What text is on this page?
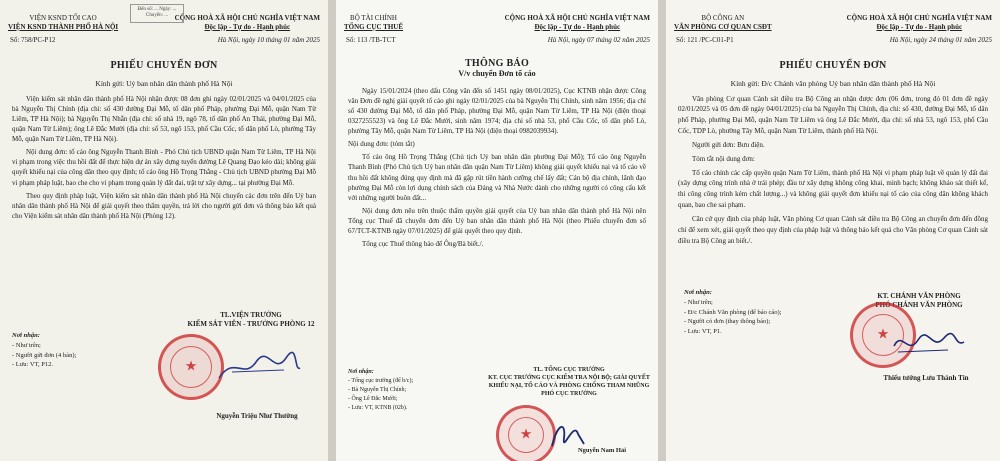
Đến số: ... Ngày: ... Chuyển: ...
VIỆN KSND TỐI CAO
VIỆN KSND THÀNH PHỐ HÀ NỘI
CỘNG HOÀ XÃ HỘI CHỦ NGHĨA VIỆT NAM
Độc lập - Tự do - Hạnh phúc
Số: 758/PC-P12	Hà Nội, ngày 10 tháng 01 năm 2025
PHIẾU CHUYỂN ĐƠN
Kính gửi: Uỷ ban nhân dân thành phố Hà Nội

Viện kiểm sát nhân dân thành phố Hà Nội nhận được 08 đơn ghi ngày 02/01/2025 và 04/01/2025 của bà Nguyễn Thị Chính (địa chỉ: số 430 đường Đại Mỗ, tổ dân phố Pháp, phường Đại Mỗ, quận Nam Từ Liêm, TP Hà Nội); bà Nguyễn Thị Nhẫn (địa chỉ: số nhà 19, ngõ 78, tổ dân phố An Thái, phường Đại Mỗ, quận Nam Từ Liêm); ông Lê Đắc Mười (địa chỉ: số 53, ngõ 153, phố Cầu Cốc, tổ dân phố Lò, phường Tây Mỗ, quận Nam Từ Liêm, TP Hà Nội).

Nội dung đơn: tố cáo ông Nguyễn Thanh Bình - Phó Chủ tịch UBND quận Nam Từ Liêm, TP Hà Nội vi phạm trong việc thu hồi đất để thực hiện dự án xây dựng tuyến đường Lê Quang Đạo kéo dài; không giải quyết khiếu nại của công dân theo quy định; tố cáo ông Hồ Trọng Thắng - Chủ tịch UBND phường Đại Mỗ vi phạm pháp luật, bao che cho vi phạm trong quản lý đất đai, trật tự xây dựng... tại phường Đại Mỗ.

Theo quy định pháp luật, Viện kiểm sát nhân dân thành phố Hà Nội chuyển các đơn trên đến Uỷ ban nhân dân thành phố Hà Nội để giải quyết theo thẩm quyền, trả lời cho người gửi đơn và thông báo kết quả cho Viện kiểm sát nhân dân thành phố Hà Nội (Phòng 12).

Nơi nhận:
- Như trên;
- Người gửi đơn (4 bản);
- Lưu: VT, P12.
TL.VIỆN TRƯỞNG
KIỂM SÁT VIÊN - TRƯỞNG PHÒNG 12
★
Nguyễn Triệu Như Thường
BỘ TÀI CHÍNH
TỔNG CỤC THUẾ
CỘNG HOÀ XÃ HỘI CHỦ NGHĨA VIỆT NAM
Độc lập - Tự do - Hạnh phúc
Số: 113 /TB-TCT	Hà Nội, ngày 07 tháng 02 năm 2025
THÔNG BÁO
V/v chuyển Đơn tố cáo

Ngày 15/01/2024 (theo dấu Công văn đến số 1451 ngày 08/01/2025), Cục KTNB nhận được Công văn Đơn đề nghị giải quyết tố cáo ghi ngày 02/01/2025 của bà Nguyễn Thị Chính, sinh năm 1956; địa chỉ số 430 đường Đại Mỗ, tổ dân phố Pháp, phường Đại Mỗ, quận Nam Từ Liêm, TP Hà Nội (điện thoại 0327255523) và ông Lê Đắc Mười, sinh năm 1974; địa chỉ số nhà 53, phố Cầu Cốc, tổ dân phố Lò, phường Tây Mỗ, quận Nam Từ Liêm, TP Hà Nội (điện thoại 0982039934).

Nội dung đơn: (tóm tắt)

Tố cáo ông Hồ Trọng Thắng (Chủ tịch Uỷ ban nhân dân phường Đại Mỗ); Tố cáo ông Nguyễn Thanh Bình (Phó Chủ tịch Uỷ ban nhân dân quận Nam Từ Liêm) không giải quyết khiếu nại và tố cáo về thu hồi đất không đúng quy định mà đã gặp rút tiền hành cưỡng chế lấy đất; Cán bộ địa chính, lãnh đạo phường Đại Mỗ còn lợi dụng chính sách của Đảng và Nhà Nước dành cho những người có công cấu kết với những người buôn đất...

Nội dung đơn nêu trên thuộc thẩm quyền giải quyết của Uỷ ban nhân dân thành phố Hà Nội nên Tổng cục Thuế đã chuyển đơn đến Uỷ ban nhân dân thành phố Hà Nội (theo Phiếu chuyển đơn số 67/TCT-KTNB ngày 07/01/2025) để giải quyết theo quy định.

Tổng cục Thuế thông báo để Ông/Bà biết./.

Nơi nhận:
- Tổng cục trưởng (để b/c);
- Bà Nguyễn Thị Chính;
- Ông Lê Đắc Mười;
- Lưu: VT, KTNB (02b).
TL. TỔNG CỤC TRƯỞNG
KT. CỤC TRƯỞNG CỤC KIỂM TRA NỘI BỘ; GIẢI QUYẾT KHIẾU NẠI, TỐ CÁO VÀ PHÒNG CHỐNG THAM NHŨNG PHÓ CỤC TRƯỞNG
★
Nguyễn Nam Hải
BỘ CÔNG AN
VĂN PHÒNG CƠ QUAN CSĐT
CỘNG HOÀ XÃ HỘI CHỦ NGHĨA VIỆT NAM
Độc lập - Tự do - Hạnh phúc
Số: 121 /PC-C01-P1	Hà Nội, ngày 24 tháng 01 năm 2025
PHIẾU CHUYỂN ĐƠN
Kính gửi: Đ/c Chánh văn phòng Uỷ ban nhân dân thành phố Hà Nội

Văn phòng Cơ quan Cảnh sát điều tra Bộ Công an nhận được đơn (06 đơn, trong đó 01 đơn đề ngày 02/01/2025 và 05 đơn đề ngày 04/01/2025) của bà Nguyễn Thị Chính, địa chỉ: số 430, đường Đại Mỗ, tổ dân phố Pháp, phường Đại Mỗ, quận Nam Từ Liêm và ông Lê Đắc Mười, địa chỉ: số nhà 53, ngõ 153, phố Cầu Cốc, TDP Lò, phường Tây Mỗ, quận Nam Từ Liêm, thành phố Hà Nội.

Người gửi đơn: Bưu điện.

Tóm tắt nội dung đơn:

Tố cáo chính các cấp quyền quận Nam Từ Liêm, thành phố Hà Nội vi phạm pháp luật về quản lý đất đai (xây dựng công trình nhà ở trái phép; đầu tư xây dựng không công khai, minh bạch; không khảo sát thiết kế, thi công công trình kém chất lượng...) và không giải quyết đơn khiếu nại tố cáo của công dân không khách quan, bao che sai phạm.

Căn cứ quy định của pháp luật, Văn phòng Cơ quan Cảnh sát điều tra Bộ Công an chuyển đơn đến đồng chí để xem xét, giải quyết theo quy định của pháp luật và thông báo kết quả cho Văn phòng Cơ quan Cảnh sát điều tra Bộ Công an biết./.

Nơi nhận:
- Như trên;
- Đ/c Chánh Văn phòng (để báo cáo);
- Người có đơn (thay thông báo);
- Lưu: VT, P1.
KT. CHÁNH VĂN PHÒNG
PHÓ CHÁNH VĂN PHÒNG
★
Thiếu tướng Lưu Thành Tín
